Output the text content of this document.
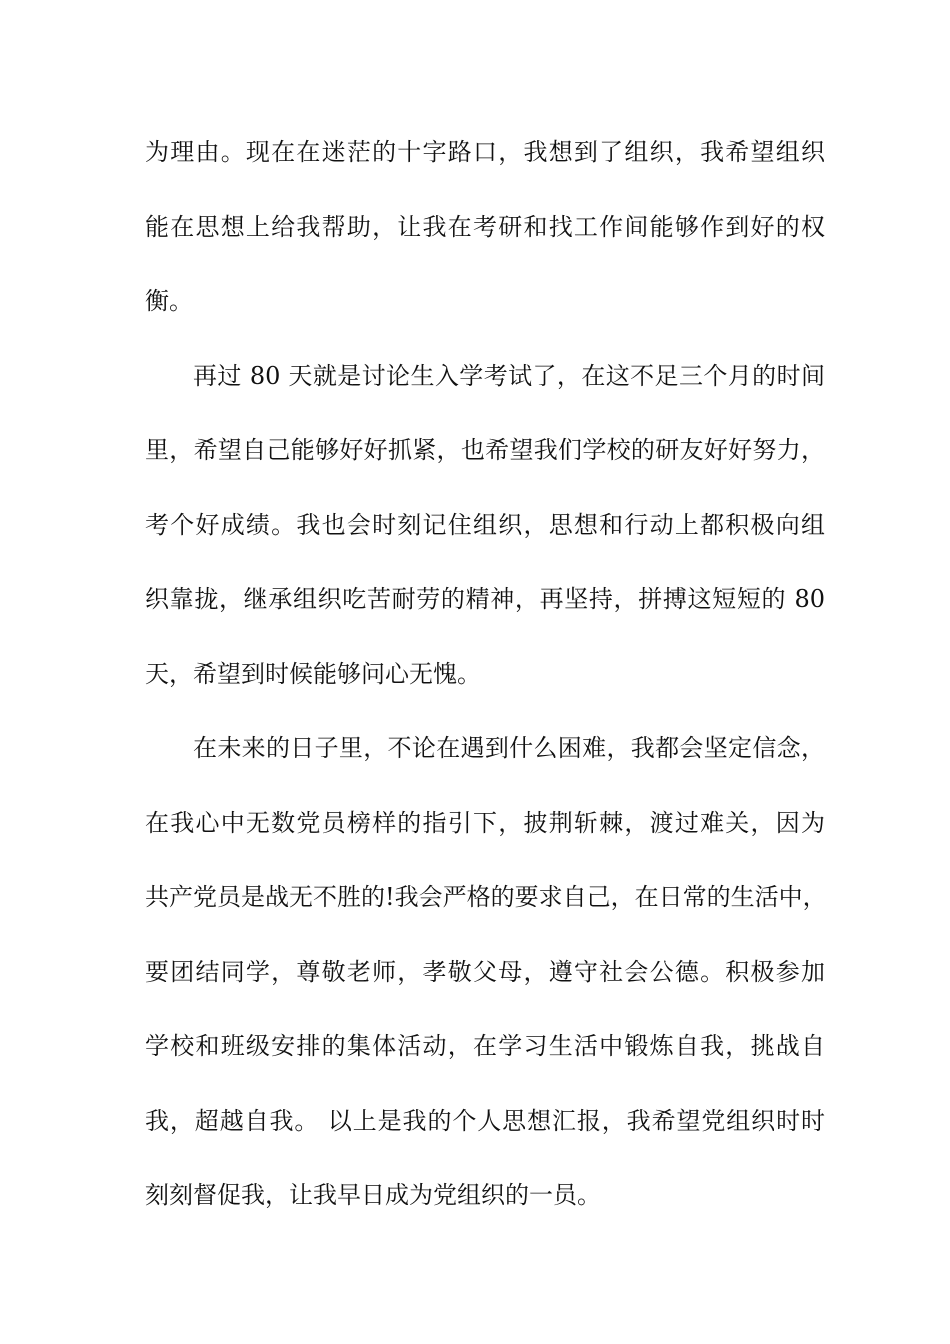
为理由。现在在迷茫的十字路口，我想到了组织，我希望组织
能在思想上给我帮助，让我在考研和找工作间能够作到好的权
衡。
再过 80 天就是讨论生入学考试了，在这不足三个月的时间
里，希望自己能够好好抓紧，也希望我们学校的研友好好努力，
考个好成绩。我也会时刻记住组织，思想和行动上都积极向组
织靠拢，继承组织吃苦耐劳的精神，再坚持，拼搏这短短的 80
天，希望到时候能够问心无愧。
在未来的日子里，不论在遇到什么困难，我都会坚定信念，
在我心中无数党员榜样的指引下，披荆斩棘，渡过难关，因为
共产党员是战无不胜的!我会严格的要求自己，在日常的生活中，
要团结同学，尊敬老师，孝敬父母，遵守社会公德。积极参加
学校和班级安排的集体活动，在学习生活中锻炼自我，挑战自
我，超越自我。 以上是我的个人思想汇报，我希望党组织时时
刻刻督促我，让我早日成为党组织的一员。
